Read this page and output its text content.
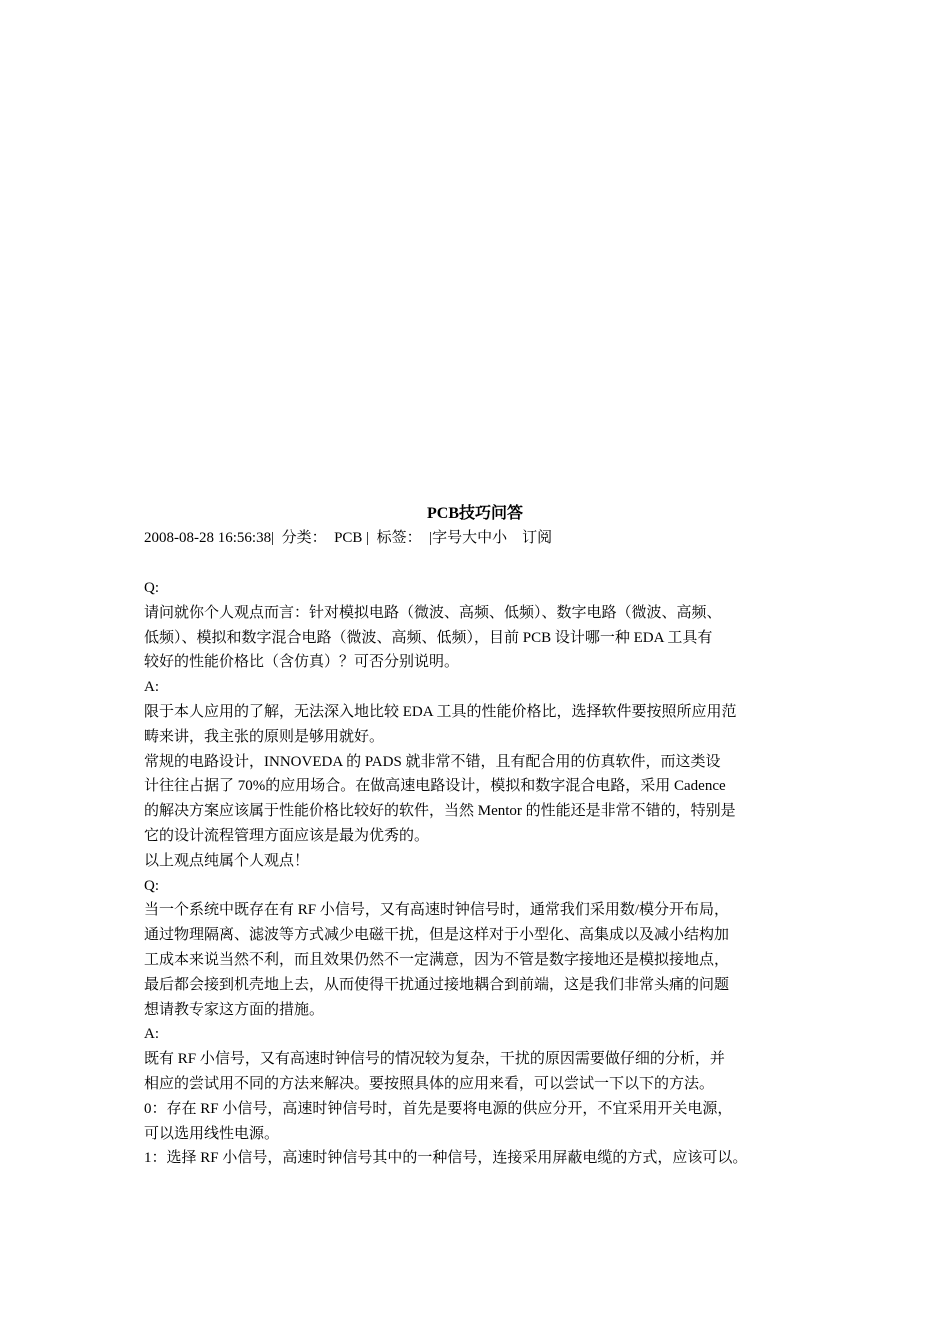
PCB技巧问答
2008-08-28 16:56:38|  分类：  PCB |  标签：  |字号大中小    订阅
Q:
请问就你个人观点而言：针对模拟电路（微波、高频、低频）、数字电路（微波、高频、
低频）、模拟和数字混合电路（微波、高频、低频），目前 PCB 设计哪一种 EDA 工具有
较好的性能价格比（含仿真）？可否分别说明。
A:
限于本人应用的了解，无法深入地比较 EDA 工具的性能价格比，选择软件要按照所应用范
畴来讲，我主张的原则是够用就好。
常规的电路设计，INNOVEDA 的 PADS 就非常不错，且有配合用的仿真软件，而这类设
计往往占据了 70%的应用场合。在做高速电路设计，模拟和数字混合电路，采用 Cadence
的解决方案应该属于性能价格比较好的软件，当然 Mentor 的性能还是非常不错的，特别是
它的设计流程管理方面应该是最为优秀的。
以上观点纯属个人观点！
Q:
当一个系统中既存在有 RF 小信号，又有高速时钟信号时，通常我们采用数/模分开布局，
通过物理隔离、滤波等方式减少电磁干扰，但是这样对于小型化、高集成以及减小结构加
工成本来说当然不利，而且效果仍然不一定满意，因为不管是数字接地还是模拟接地点，
最后都会接到机壳地上去，从而使得干扰通过接地耦合到前端，这是我们非常头痛的问题
想请教专家这方面的措施。
A:
既有 RF 小信号，又有高速时钟信号的情况较为复杂，干扰的原因需要做仔细的分析，并
相应的尝试用不同的方法来解决。要按照具体的应用来看，可以尝试一下以下的方法。
0：存在 RF 小信号，高速时钟信号时，首先是要将电源的供应分开，不宜采用开关电源，
可以选用线性电源。
1：选择 RF 小信号，高速时钟信号其中的一种信号，连接采用屏蔽电缆的方式，应该可以。
